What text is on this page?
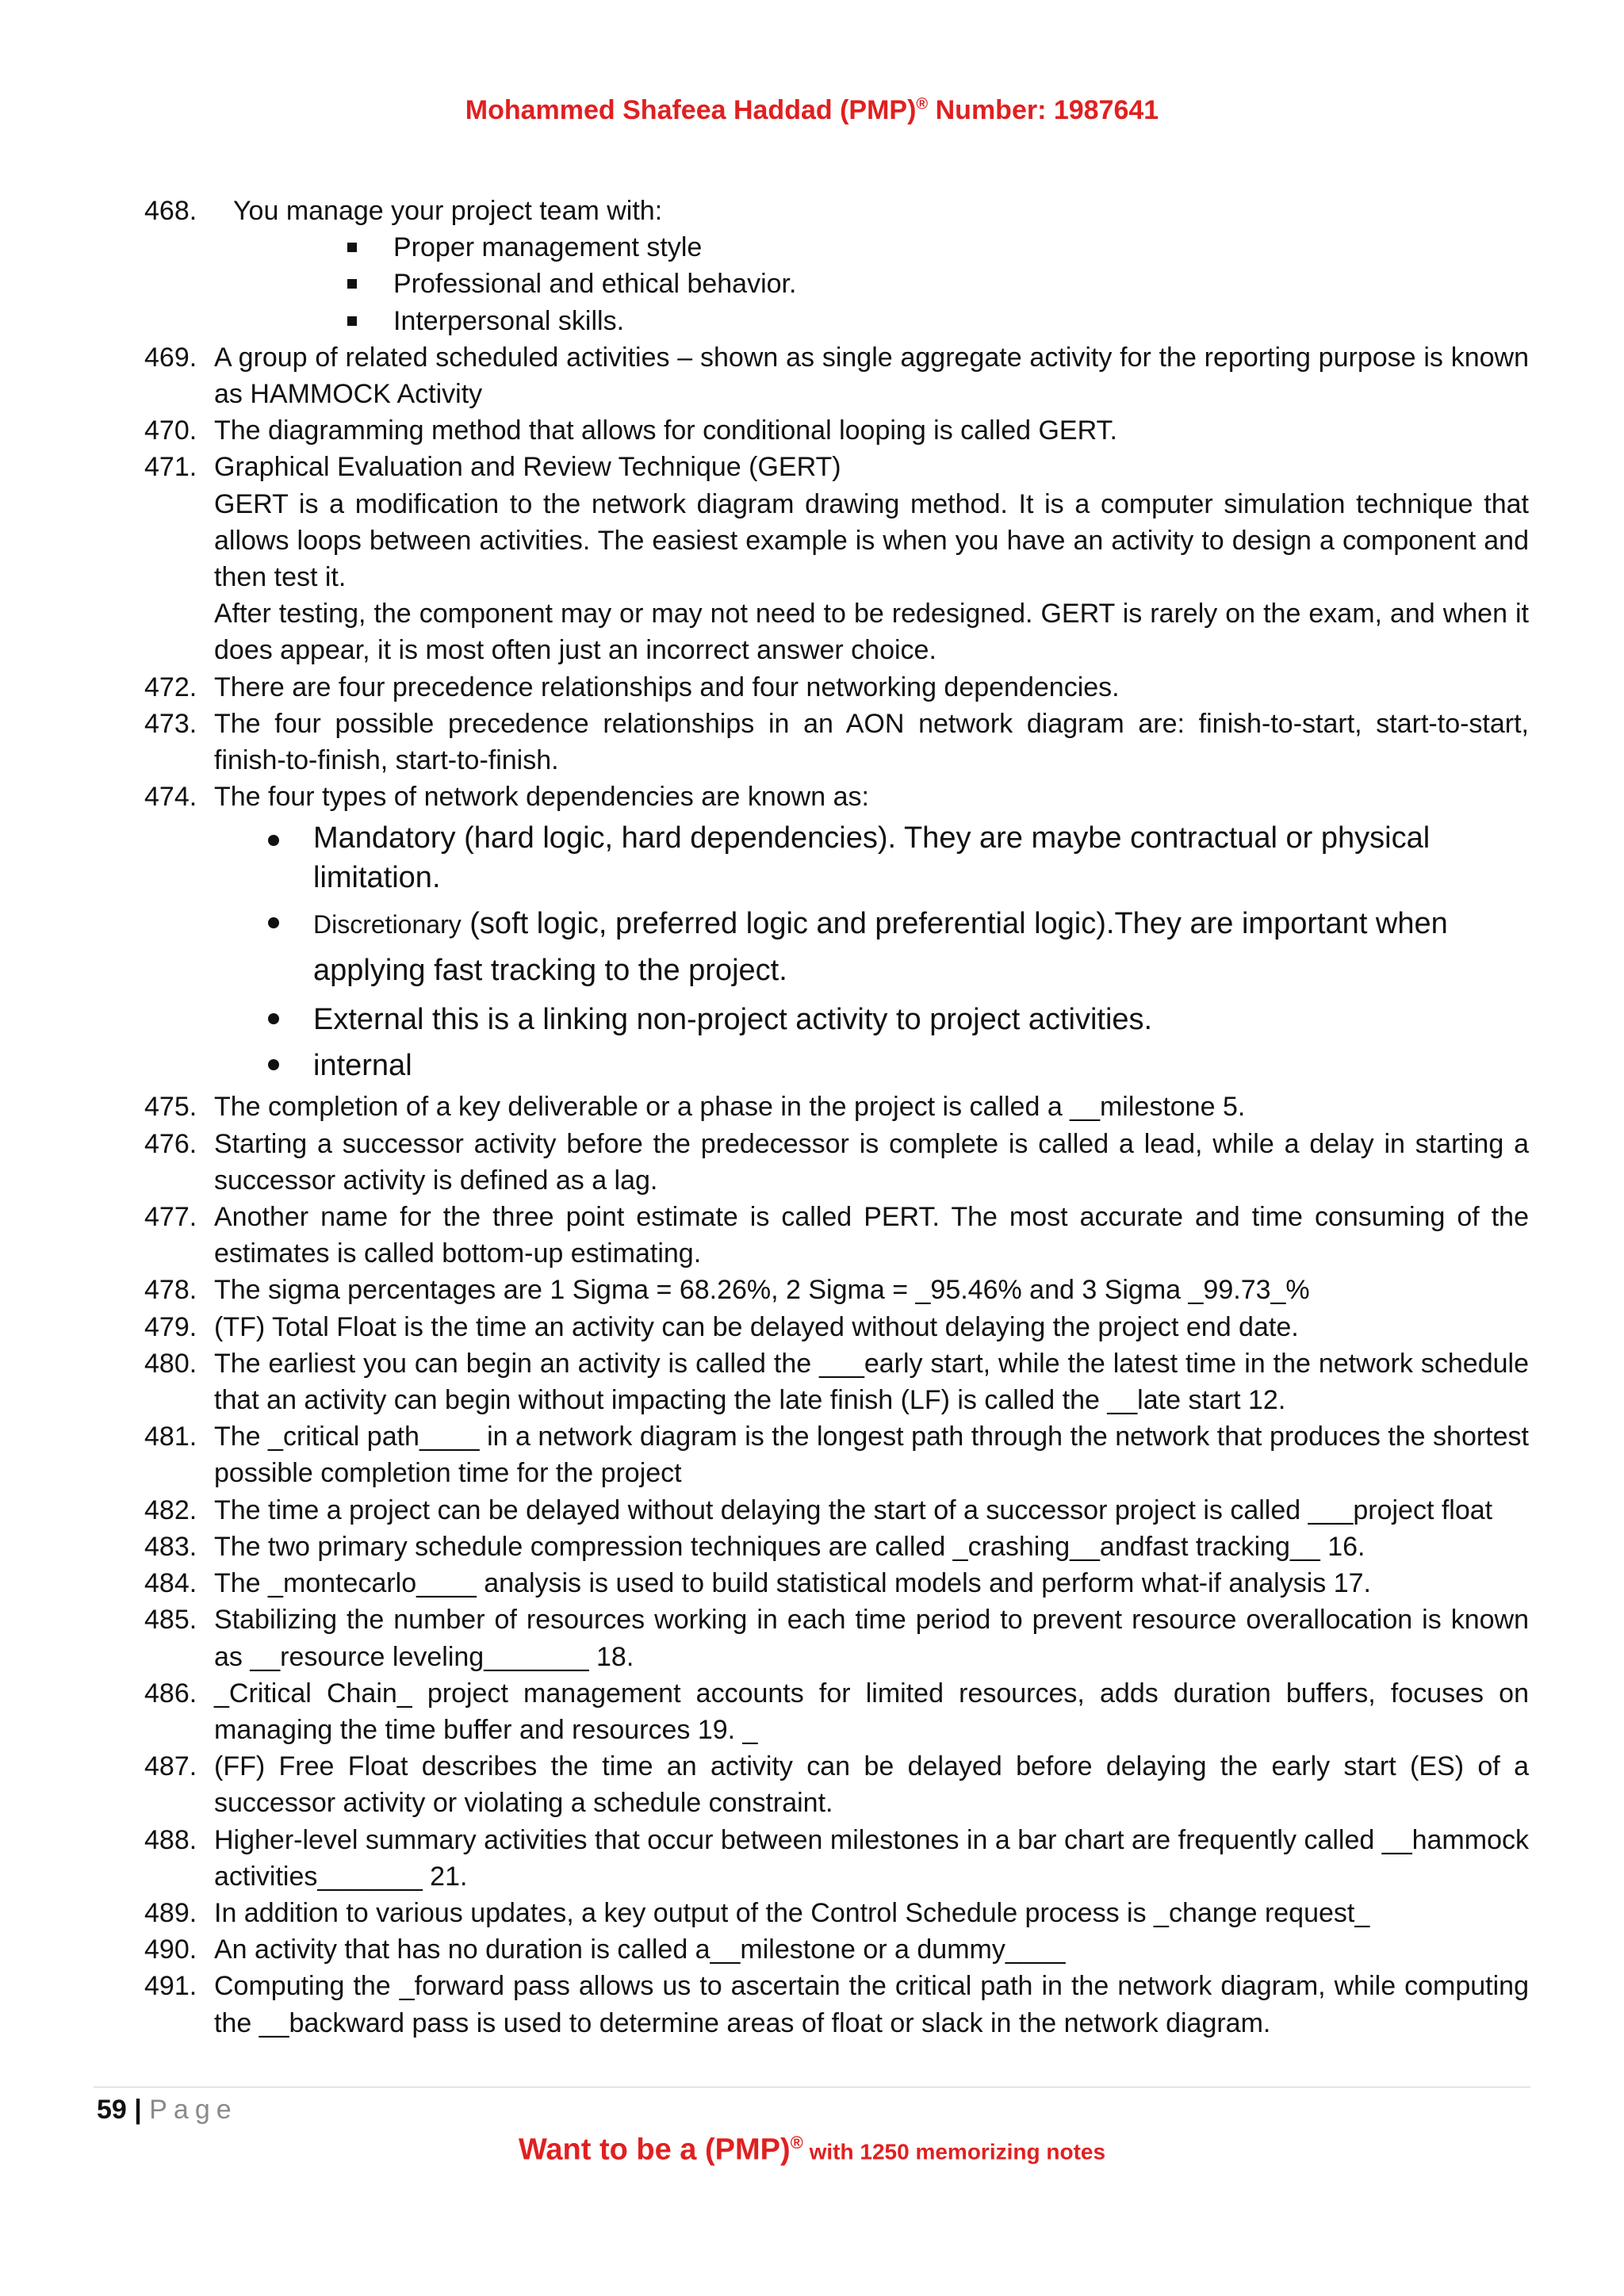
Mohammed Shafeea Haddad (PMP)® Number: 1987641
468.	You manage your project team with:

Proper management style
Professional and ethical behavior.
Interpersonal skills.
469. A group of related scheduled activities – shown as single aggregate activity for the reporting purpose is known as HAMMOCK Activity

470. The diagramming method that allows for conditional looping is called GERT.

471. Graphical Evaluation and Review Technique (GERT)

GERT is a modification to the network diagram drawing method. It is a computer simulation technique that allows loops between activities. The easiest example is when you have an activity to design a component and then test it.

After testing, the component may or may not need to be redesigned. GERT is rarely on the exam, and when it does appear, it is most often just an incorrect answer choice.

472. There are four precedence relationships and four networking dependencies.

473. The four possible precedence relationships in an AON network diagram are: finish-to-start, start-to-start, finish-to-finish, start-to-finish.

474. The four types of network dependencies are known as:

Mandatory (hard logic, hard dependencies). They are maybe contractual or physical limitation.
Discretionary (soft logic, preferred logic and preferential logic).They are important when applying fast tracking to the project.
External this is a linking non-project activity to project activities.
internal
475. The completion of a key deliverable or a phase in the project is called a __milestone 5.

476. Starting a successor activity before the predecessor is complete is called a lead, while a delay in starting a successor activity is defined as a lag.

477. Another name for the three point estimate is called PERT. The most accurate and time consuming of the estimates is called bottom-up estimating.

478. The sigma percentages are 1 Sigma = 68.26%, 2 Sigma = _95.46% and 3 Sigma _99.73_%

479. (TF) Total Float is the time an activity can be delayed without delaying the project end date.

480. The earliest you can begin an activity is called the ___early start, while the latest time in the network schedule that an activity can begin without impacting the late finish (LF) is called the __late start 12.

481. The _critical path____ in a network diagram is the longest path through the network that produces the shortest possible completion time for the project

482. The time a project can be delayed without delaying the start of a successor project is called ___project float

483. The two primary schedule compression techniques are called _crashing__andfast tracking__ 16.

484. The _montecarlo____ analysis is used to build statistical models and perform what-if analysis 17.

485. Stabilizing the number of resources working in each time period to prevent resource overallocation is known as __resource leveling_______ 18.

486. _Critical Chain_ project management accounts for limited resources, adds duration buffers, focuses on managing the time buffer and resources 19. _

487. (FF) Free Float describes the time an activity can be delayed before delaying the early start (ES) of a successor activity or violating a schedule constraint.

488. Higher-level summary activities that occur between milestones in a bar chart are frequently called __hammock activities_______ 21.

489. In addition to various updates, a key output of the Control Schedule process is _change request_

490. An activity that has no duration is called a__milestone or a dummy____

491. Computing the _forward pass allows us to ascertain the critical path in the network diagram, while computing the __backward pass is used to determine areas of float or slack in the network diagram.

59 | Page
Want to be a (PMP)® with 1250 memorizing notes
